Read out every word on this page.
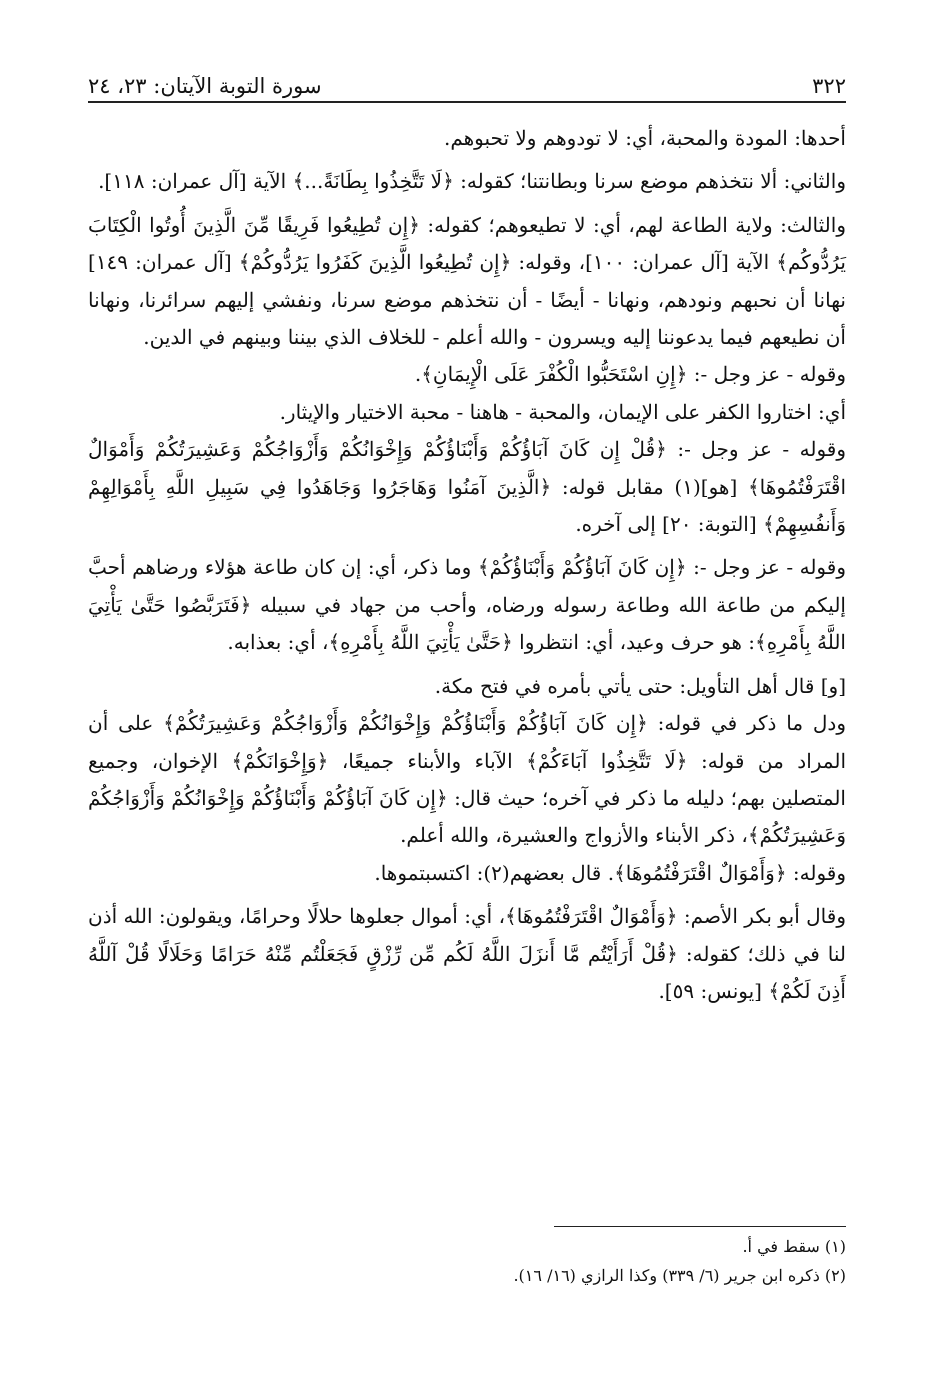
٣٢٢
سورة التوبة الآيتان: ٢٣، ٢٤

أحدها: المودة والمحبة، أي: لا تودوهم ولا تحبوهم.

والثاني: ألا نتخذهم موضع سرنا وبطانتنا؛ كقوله: ﴿لَا تَتَّخِذُوا بِطَانَةً...﴾ الآية [آل عمران: ١١٨].

والثالث: ولاية الطاعة لهم، أي: لا تطيعوهم؛ كقوله: ﴿إِن تُطِيعُوا فَرِيقًا مِّنَ الَّذِينَ أُوتُوا الْكِتَابَ يَرُدُّوكُم﴾ الآية [آل عمران: ١٠٠]، وقوله: ﴿إِن تُطِيعُوا الَّذِينَ كَفَرُوا يَرُدُّوكُمْ﴾ [آل عمران: ١٤٩] نهانا أن نحبهم ونودهم، ونهانا - أيضًا - أن نتخذهم موضع سرنا، ونفشي إليهم سرائرنا، ونهانا أن نطيعهم فيما يدعوننا إليه ويسرون - والله أعلم - للخلاف الذي بيننا وبينهم في الدين.

وقوله - عز وجل -: ﴿إِنِ اسْتَحَبُّوا الْكُفْرَ عَلَى الْإِيمَانِ﴾.

أي: اختاروا الكفر على الإيمان، والمحبة - هاهنا - محبة الاختيار والإيثار.

وقوله - عز وجل -: ﴿قُلْ إِن كَانَ آبَاؤُكُمْ وَأَبْنَاؤُكُمْ وَإِخْوَانُكُمْ وَأَزْوَاجُكُمْ وَعَشِيرَتُكُمْ وَأَمْوَالٌ اقْتَرَفْتُمُوهَا﴾ [هو](١) مقابل قوله: ﴿الَّذِينَ آمَنُوا وَهَاجَرُوا وَجَاهَدُوا فِي سَبِيلِ اللَّهِ بِأَمْوَالِهِمْ وَأَنفُسِهِمْ﴾ [التوبة: ٢٠] إلى آخره.

وقوله - عز وجل -: ﴿إِن كَانَ آبَاؤُكُمْ وَأَبْنَاؤُكُمْ﴾ وما ذكر، أي: إن كان طاعة هؤلاء ورضاهم أحبَّ إليكم من طاعة الله وطاعة رسوله ورضاه، وأحب من جهاد في سبيله ﴿فَتَرَبَّصُوا حَتَّىٰ يَأْتِيَ اللَّهُ بِأَمْرِهِ﴾: هو حرف وعيد، أي: انتظروا ﴿حَتَّىٰ يَأْتِيَ اللَّهُ بِأَمْرِهِ﴾، أي: بعذابه.

[و] قال أهل التأويل: حتى يأتي بأمره في فتح مكة.

ودل ما ذكر في قوله: ﴿إِن كَانَ آبَاؤُكُمْ وَأَبْنَاؤُكُمْ وَإِخْوَانُكُمْ وَأَزْوَاجُكُمْ وَعَشِيرَتُكُمْ﴾ على أن المراد من قوله: ﴿لَا تَتَّخِذُوا آبَاءَكُمْ﴾ الآباء والأبناء جميعًا، ﴿وَإِخْوَانَكُمْ﴾ الإخوان، وجميع المتصلين بهم؛ دليله ما ذكر في آخره؛ حيث قال: ﴿إِن كَانَ آبَاؤُكُمْ وَأَبْنَاؤُكُمْ وَإِخْوَانُكُمْ وَأَزْوَاجُكُمْ وَعَشِيرَتُكُمْ﴾، ذكر الأبناء والأزواج والعشيرة، والله أعلم.

وقوله: ﴿وَأَمْوَالٌ اقْتَرَفْتُمُوهَا﴾. قال بعضهم(٢): اكتسبتموها.

وقال أبو بكر الأصم: ﴿وَأَمْوَالٌ اقْتَرَفْتُمُوهَا﴾، أي: أموال جعلوها حلالًا وحرامًا، ويقولون: الله أذن لنا في ذلك؛ كقوله: ﴿قُلْ أَرَأَيْتُم مَّا أَنزَلَ اللَّهُ لَكُم مِّن رِّزْقٍ فَجَعَلْتُم مِّنْهُ حَرَامًا وَحَلَالًا قُلْ آللَّهُ أَذِنَ لَكُمْ﴾ [يونس: ٥٩].

(١) سقط في أ.

(٢) ذكره ابن جرير (٦/ ٣٣٩) وكذا الرازي (١٦/ ١٦).
